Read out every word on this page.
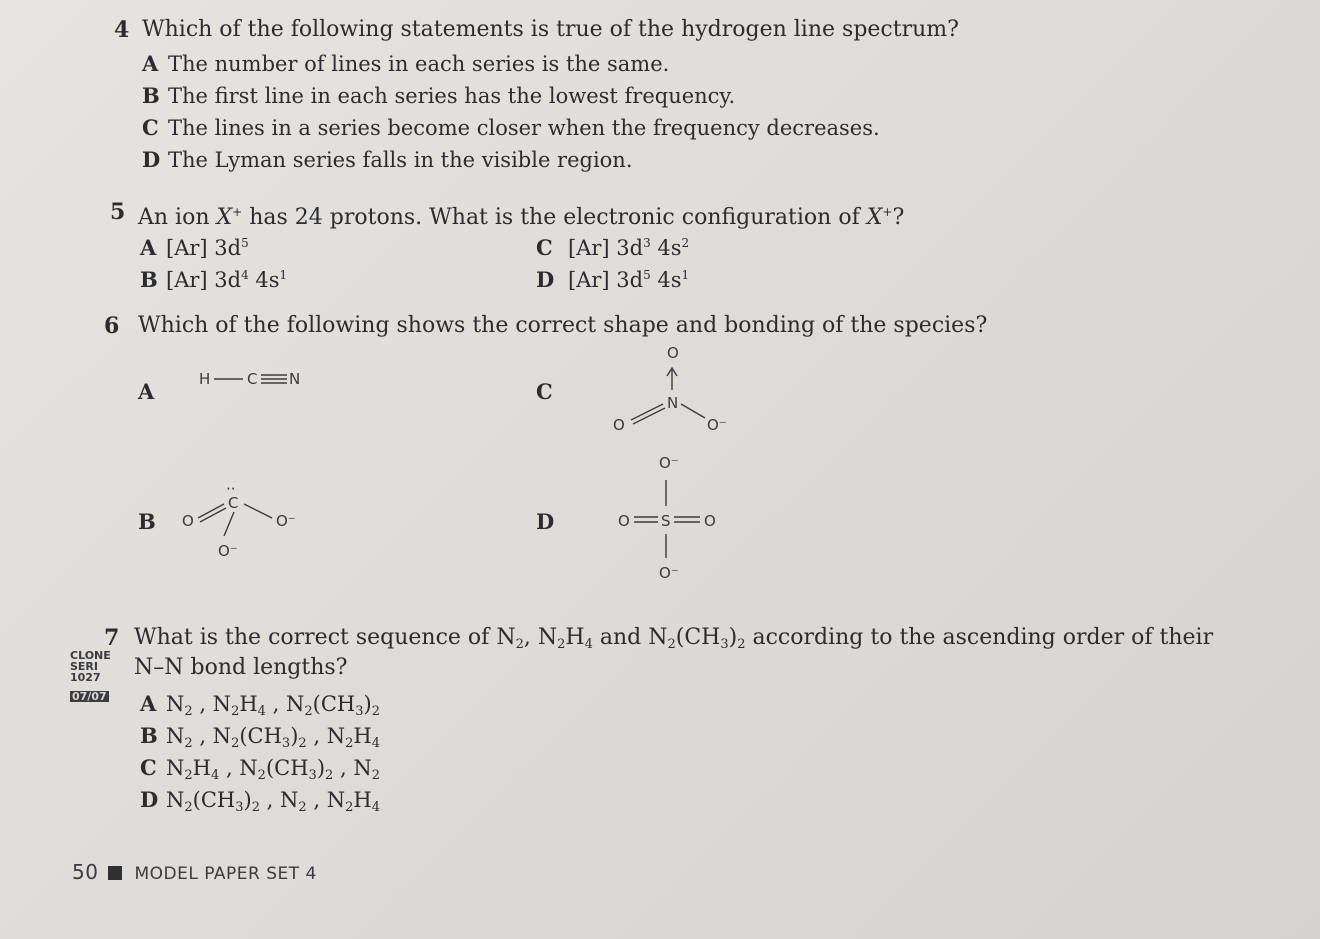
4 Which of the following statements is true of the hydrogen line spectrum?
A The number of lines in each series is the same.
B The first line in each series has the lowest frequency.
C The lines in a series become closer when the frequency decreases.
D The Lyman series falls in the visible region.
5 An ion X+ has 24 protons. What is the electronic configuration of X+?
A [Ar] $3d^5$
B [Ar] $3d^4$ $4s^1$
C [Ar] $3d^3$ $4s^2$
D [Ar] $3d^5$ $4s^1$
6 Which of the following shows the correct shape and bonding of the species?
A	H C N	C
O
N
O	O⁻
B
··
C
O	O⁻
O⁻
D
O⁻
O S O
O⁻
7 What is the correct sequence of $N_2$, $N_2H_4$ and $N_2(CH_3)_2$ according to the ascending order of their
N–N bond lengths?
A $N_2$ , $N_2H_4$ , $N_2(CH_3)_2$
B $N_2$ , $N_2(CH_3)_2$ , $N_2H_4$
C $N_2H_4$ , $N_2(CH_3)_2$ , $N_2$
D $N_2(CH_3)_2$ , $N_2$ , $N_2H_4$
CLONE
SERI
1027
07/07
50 MODEL PAPER SET 4
